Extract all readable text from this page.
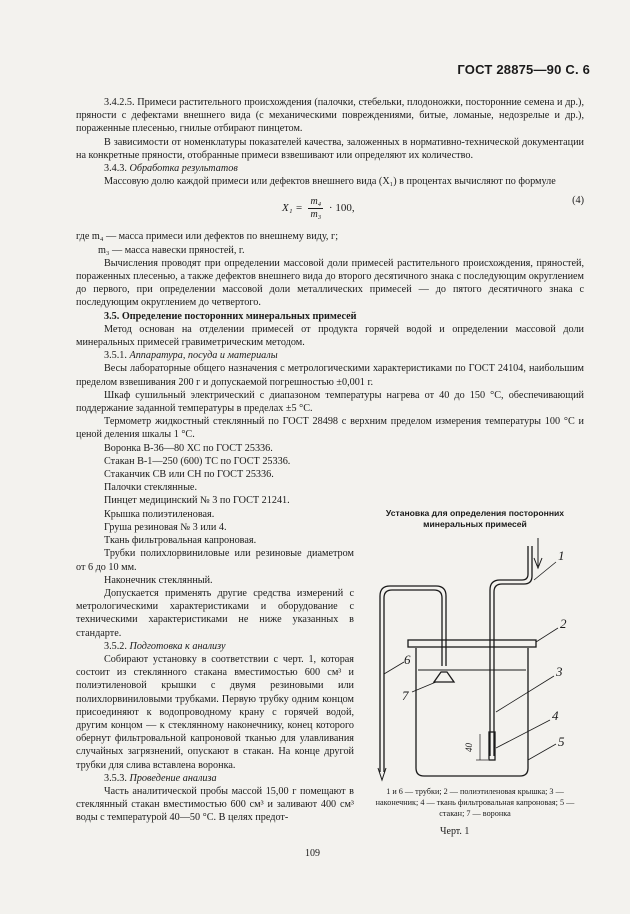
ГОСТ 28875—90 С. 6

3.4.2.5. Примеси растительного происхождения (палочки, стебельки, плодоножки, посторонние семена и др.), пряности с дефектами внешнего вида (с механическими повреждениями, битые, ломаные, недозрелые и др.), пораженные плесенью, гнилые отбирают пинцетом.

В зависимости от номенклатуры показателей качества, заложенных в нормативно-технической документации на конкретные пряности, отобранные примеси взвешивают или определяют их количество.

3.4.3. Обработка результатов

Массовую долю каждой примеси или дефектов внешнего вида (X₁) в процентах вычисляют по формуле

$X_1 = \frac{\text{m₄}}{\text{m₃}} \cdot 100$,
(4)

где m₄ — масса примеси или дефектов по внешнему виду, г;

m₃ — масса навески пряностей, г.

Вычисления проводят при определении массовой доли примесей растительного происхождения, пряностей, пораженных плесенью, а также дефектов внешнего вида до второго десятичного знака с последующим округлением до первого, при определении массовой доли металлических примесей — до пятого десятичного знака с последующим округлением до четвертого.

3.5. Определение посторонних минеральных примесей

Метод основан на отделении примесей от продукта горячей водой и определении массовой доли минеральных примесей гравиметрическим методом.

3.5.1. Аппаратура, посуда и материалы

Весы лабораторные общего назначения с метрологическими характеристиками по ГОСТ 24104, наибольшим пределом взвешивания 200 г и допускаемой погрешностью ±0,001 г.

Шкаф сушильный электрический с диапазоном температуры нагрева от 40 до 150 °С, обеспечивающий поддержание заданной температуры в пределах ±5 °С.

Термометр жидкостный стеклянный по ГОСТ 28498 с верхним пределом измерения температуры 100 °С и ценой деления шкалы 1 °С.

Воронка В-36—80 ХС по ГОСТ 25336.

Стакан В-1—250 (600) ТС по ГОСТ 25336.

Стаканчик СВ или СН по ГОСТ 25336.

Палочки стеклянные.

Пинцет медицинский № 3 по ГОСТ 21241.

Крышка полиэтиленовая.

Груша резиновая № 3 или 4.

Ткань фильтровальная капроновая.

Трубки полихлорвиниловые или резиновые диаметром от 6 до 10 мм.

Наконечник стеклянный.

Допускается применять другие средства измерений с метрологическими характеристиками и оборудование с техническими характеристиками не ниже указанных в стандарте.

3.5.2. Подготовка к анализу

Собирают установку в соответствии с черт. 1, которая состоит из стеклянного стакана вместимостью 600 см³ и полиэтиленовой крышки с двумя резиновыми или полихлорвиниловыми трубками. Первую трубку одним концом присоединяют к водопроводному крану с горячей водой, другим концом — к стеклянному наконечнику, конец которого обернут фильтровальной капроновой тканью для улавливания случайных загрязнений, опускают в стакан. На конце другой трубки для слива вставлена воронка.

3.5.3. Проведение анализа

Часть аналитической пробы массой 15,00 г помещают в стеклянный стакан вместимостью 600 см³ и заливают 400 см³ воды с температурой 40—50 °С. В целях предот-

Установка для определения посторонних минеральных примесей
1
2
3
4
5
6
7
40
1 и 6 — трубки; 2 — полиэтиленовая крышка; 3 — наконечник; 4 — ткань фильтровальная капроновая; 5 — стакан; 7 — воронка
Черт. 1
109
